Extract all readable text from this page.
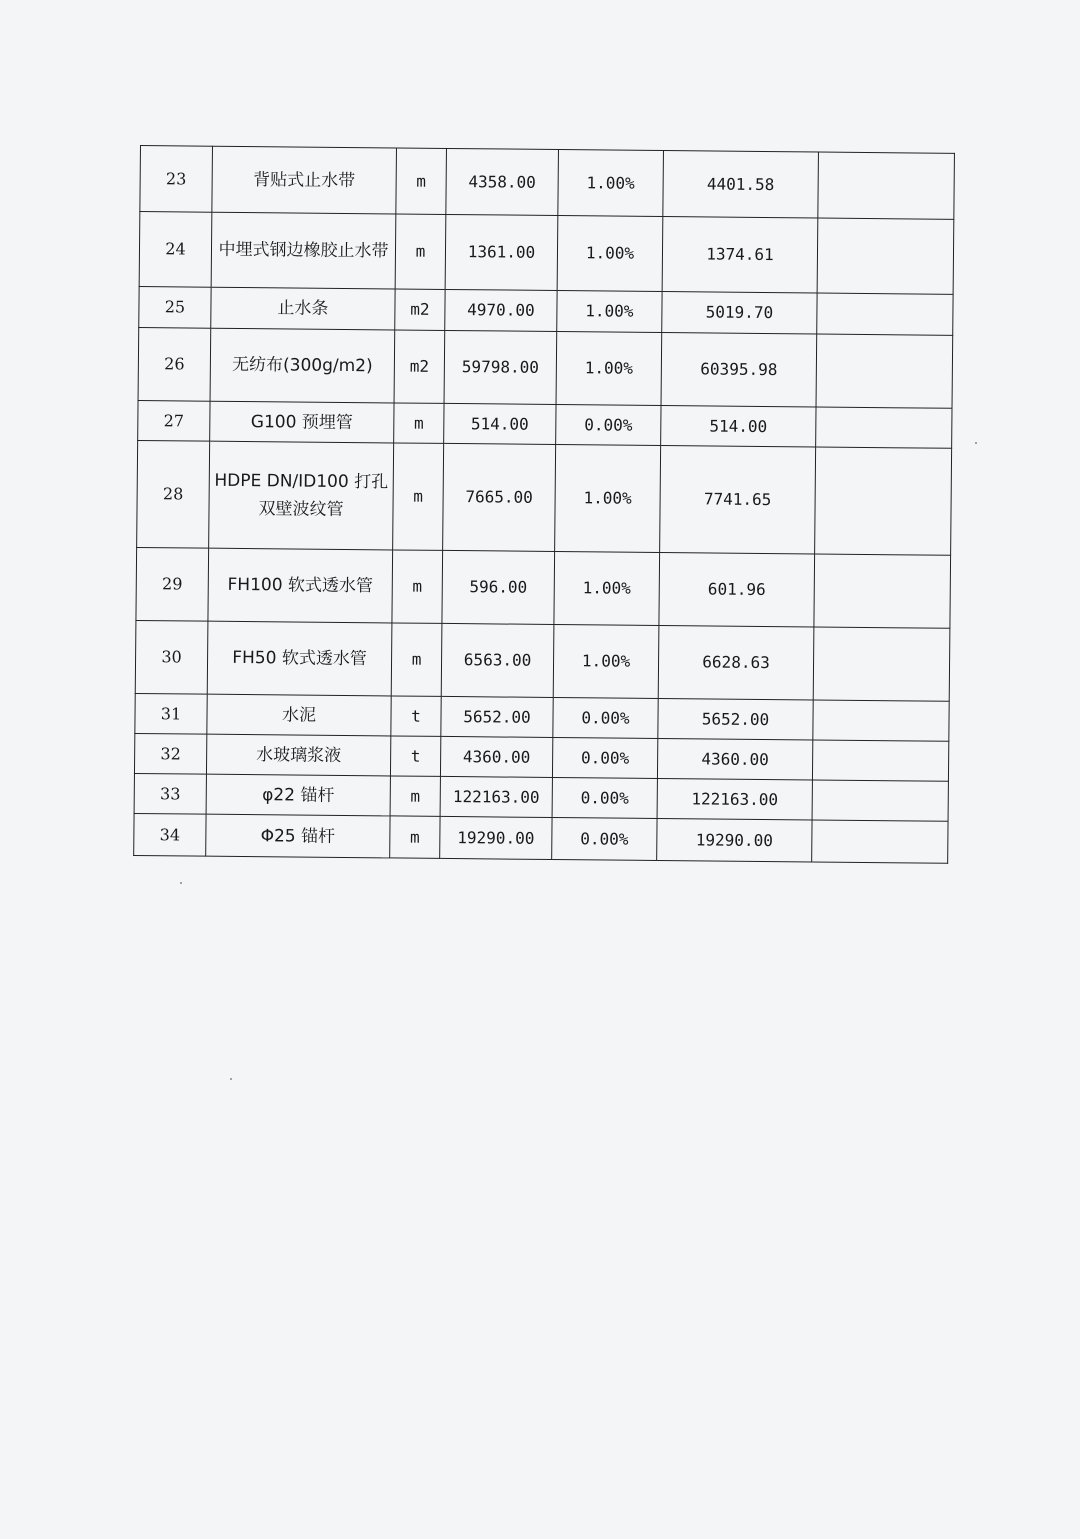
23	背贴式止水带	m	4358.00	1.00%	4401.58	
24	中埋式钢边橡胶止水带	m	1361.00	1.00%	1374.61	
25	止水条	m2	4970.00	1.00%	5019.70	
26	无纺布(300g/m2)	m2	59798.00	1.00%	60395.98	
27	G100 预埋管	m	514.00	0.00%	514.00	
28	HDPE DN/ID100 打孔双壁波纹管	m	7665.00	1.00%	7741.65	
29	FH100 软式透水管	m	596.00	1.00%	601.96	
30	FH50 软式透水管	m	6563.00	1.00%	6628.63	
31	水泥	t	5652.00	0.00%	5652.00	
32	水玻璃浆液	t	4360.00	0.00%	4360.00	
33	φ22 锚杆	m	122163.00	0.00%	122163.00	
34	Φ25 锚杆	m	19290.00	0.00%	19290.00	
